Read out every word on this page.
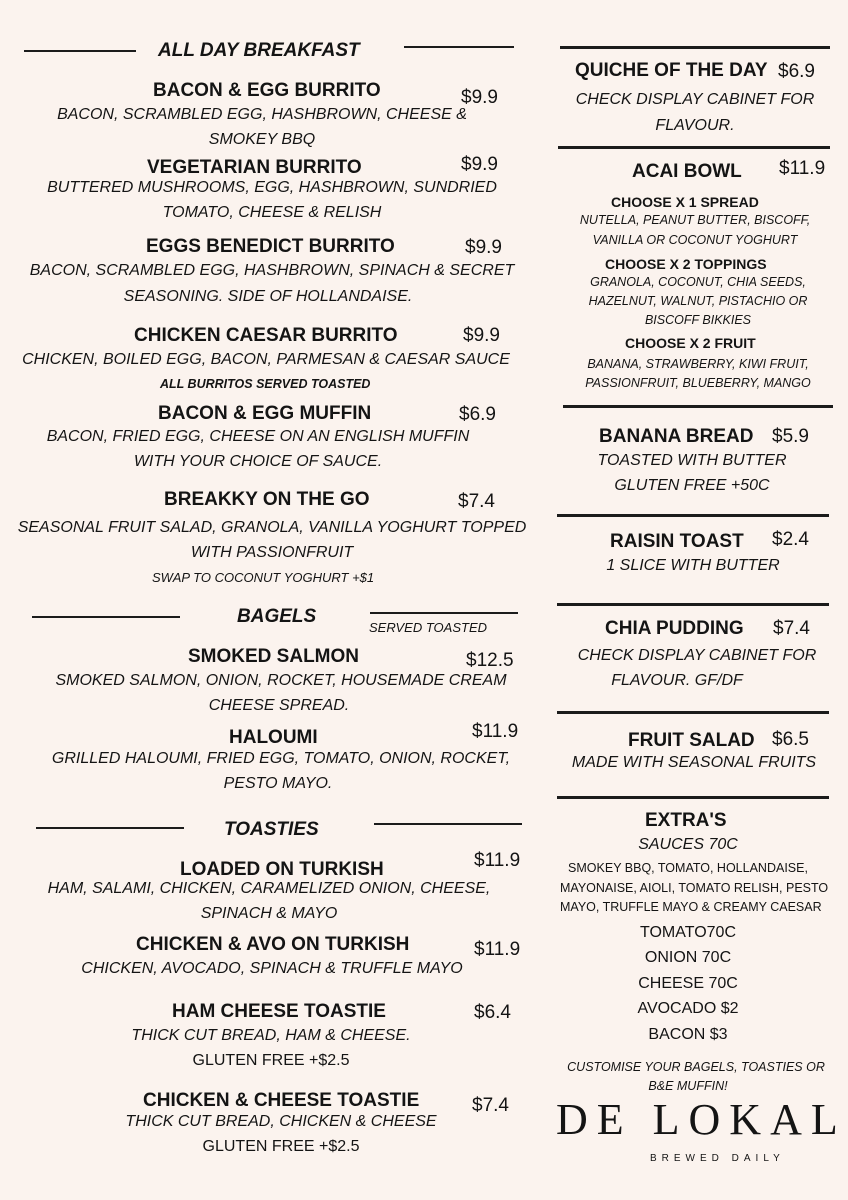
ALL DAY BREAKFAST
BACON & EGG BURRITO	$9.9
BACON, SCRAMBLED EGG, HASHBROWN, CHEESE &
SMOKEY BBQ
VEGETARIAN BURRITO	$9.9
BUTTERED MUSHROOMS, EGG, HASHBROWN, SUNDRIED
TOMATO, CHEESE & RELISH
EGGS BENEDICT BURRITO	$9.9
BACON, SCRAMBLED EGG, HASHBROWN, SPINACH & SECRET
SEASONING. SIDE OF HOLLANDAISE.
CHICKEN CAESAR BURRITO	$9.9
CHICKEN, BOILED EGG, BACON, PARMESAN & CAESAR SAUCE
ALL BURRITOS SERVED TOASTED
BACON & EGG MUFFIN	$6.9
BACON, FRIED EGG, CHEESE ON AN ENGLISH MUFFIN
WITH YOUR CHOICE OF SAUCE.
BREAKKY ON THE GO	$7.4
SEASONAL FRUIT SALAD, GRANOLA, VANILLA YOGHURT TOPPED
WITH PASSIONFRUIT
SWAP TO COCONUT YOGHURT +$1
BAGELS
SERVED TOASTED
SMOKED SALMON	$12.5
SMOKED SALMON, ONION, ROCKET, HOUSEMADE CREAM
CHEESE SPREAD.
HALOUMI	$11.9
GRILLED HALOUMI, FRIED EGG, TOMATO, ONION, ROCKET,
PESTO MAYO.
TOASTIES
LOADED ON TURKISH	$11.9
HAM, SALAMI, CHICKEN, CARAMELIZED ONION, CHEESE,
SPINACH & MAYO
CHICKEN & AVO ON TURKISH	$11.9
CHICKEN, AVOCADO, SPINACH & TRUFFLE MAYO
HAM CHEESE TOASTIE	$6.4
THICK CUT BREAD, HAM & CHEESE.
GLUTEN FREE +$2.5
CHICKEN & CHEESE TOASTIE	$7.4
THICK CUT BREAD, CHICKEN & CHEESE
GLUTEN FREE +$2.5
QUICHE OF THE DAY $6.9
CHECK DISPLAY CABINET FOR
FLAVOUR.
ACAI BOWL $11.9
CHOOSE X 1 SPREAD
NUTELLA, PEANUT BUTTER, BISCOFF,
VANILLA OR COCONUT YOGHURT
CHOOSE X 2 TOPPINGS
GRANOLA, COCONUT, CHIA SEEDS,
HAZELNUT, WALNUT, PISTACHIO OR
BISCOFF BIKKIES
CHOOSE X 2 FRUIT
BANANA, STRAWBERRY, KIWI FRUIT,
PASSIONFRUIT, BLUEBERRY, MANGO
BANANA BREAD $5.9
TOASTED WITH BUTTER
GLUTEN FREE +50C
RAISIN TOAST $2.4
1 SLICE WITH BUTTER
CHIA PUDDING $7.4
CHECK DISPLAY CABINET FOR
FLAVOUR. GF/DF
FRUIT SALAD $6.5
MADE WITH SEASONAL FRUITS
EXTRA'S
SAUCES 70C
SMOKEY BBQ, TOMATO, HOLLANDAISE,
MAYONAISE, AIOLI, TOMATO RELISH, PESTO
MAYO, TRUFFLE MAYO & CREAMY CAESAR
TOMATO70C
ONION 70C
CHEESE 70C
AVOCADO $2
BACON $3
CUSTOMISE YOUR BAGELS, TOASTIES OR
B&E MUFFIN!
DE LOKAL
BREWED DAILY
